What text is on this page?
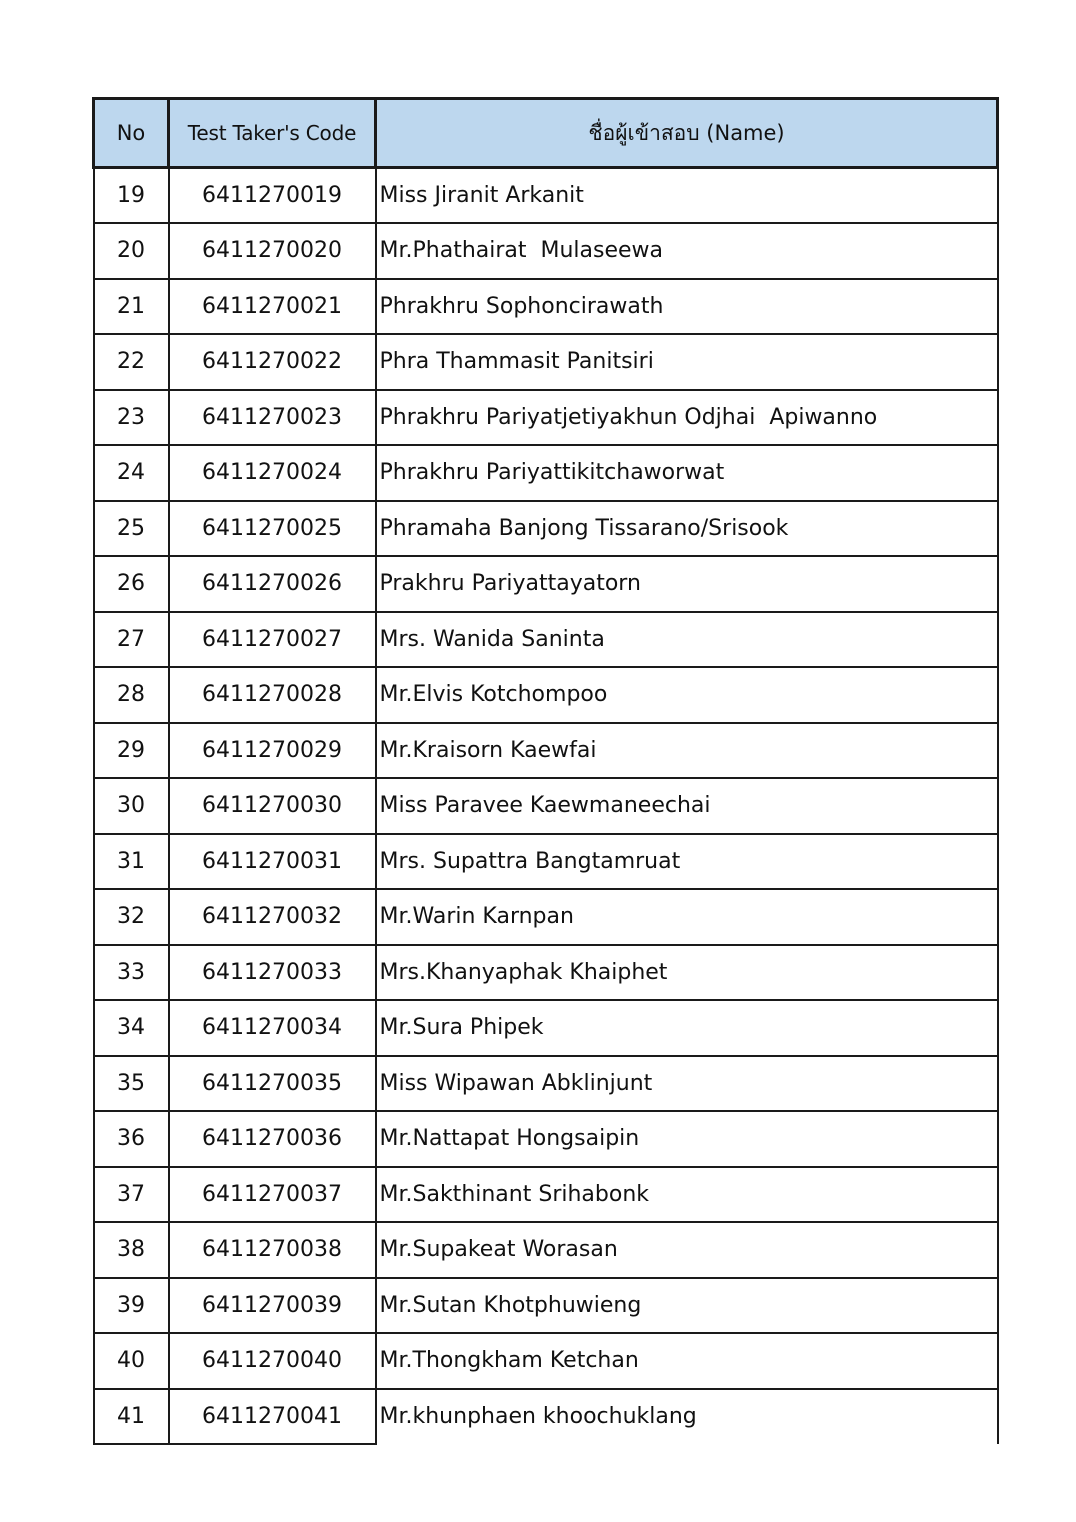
No	Test Taker's Code	ชื่อผู้เข้าสอบ (Name)
19	6411270019	Miss Jiranit Arkanit
20	6411270020	Mr.Phathairat  Mulaseewa
21	6411270021	Phrakhru Sophoncirawath
22	6411270022	Phra Thammasit Panitsiri
23	6411270023	Phrakhru Pariyatjetiyakhun Odjhai  Apiwanno
24	6411270024	Phrakhru Pariyattikitchaworwat
25	6411270025	Phramaha Banjong Tissarano/Srisook
26	6411270026	Prakhru Pariyattayatorn
27	6411270027	Mrs. Wanida Saninta
28	6411270028	Mr.Elvis Kotchompoo
29	6411270029	Mr.Kraisorn Kaewfai
30	6411270030	Miss Paravee Kaewmaneechai
31	6411270031	Mrs. Supattra Bangtamruat
32	6411270032	Mr.Warin Karnpan
33	6411270033	Mrs.Khanyaphak Khaiphet
34	6411270034	Mr.Sura Phipek
35	6411270035	Miss Wipawan Abklinjunt
36	6411270036	Mr.Nattapat Hongsaipin
37	6411270037	Mr.Sakthinant Srihabonk
38	6411270038	Mr.Supakeat Worasan
39	6411270039	Mr.Sutan Khotphuwieng
40	6411270040	Mr.Thongkham Ketchan
41	6411270041	Mr.khunphaen khoochuklang
